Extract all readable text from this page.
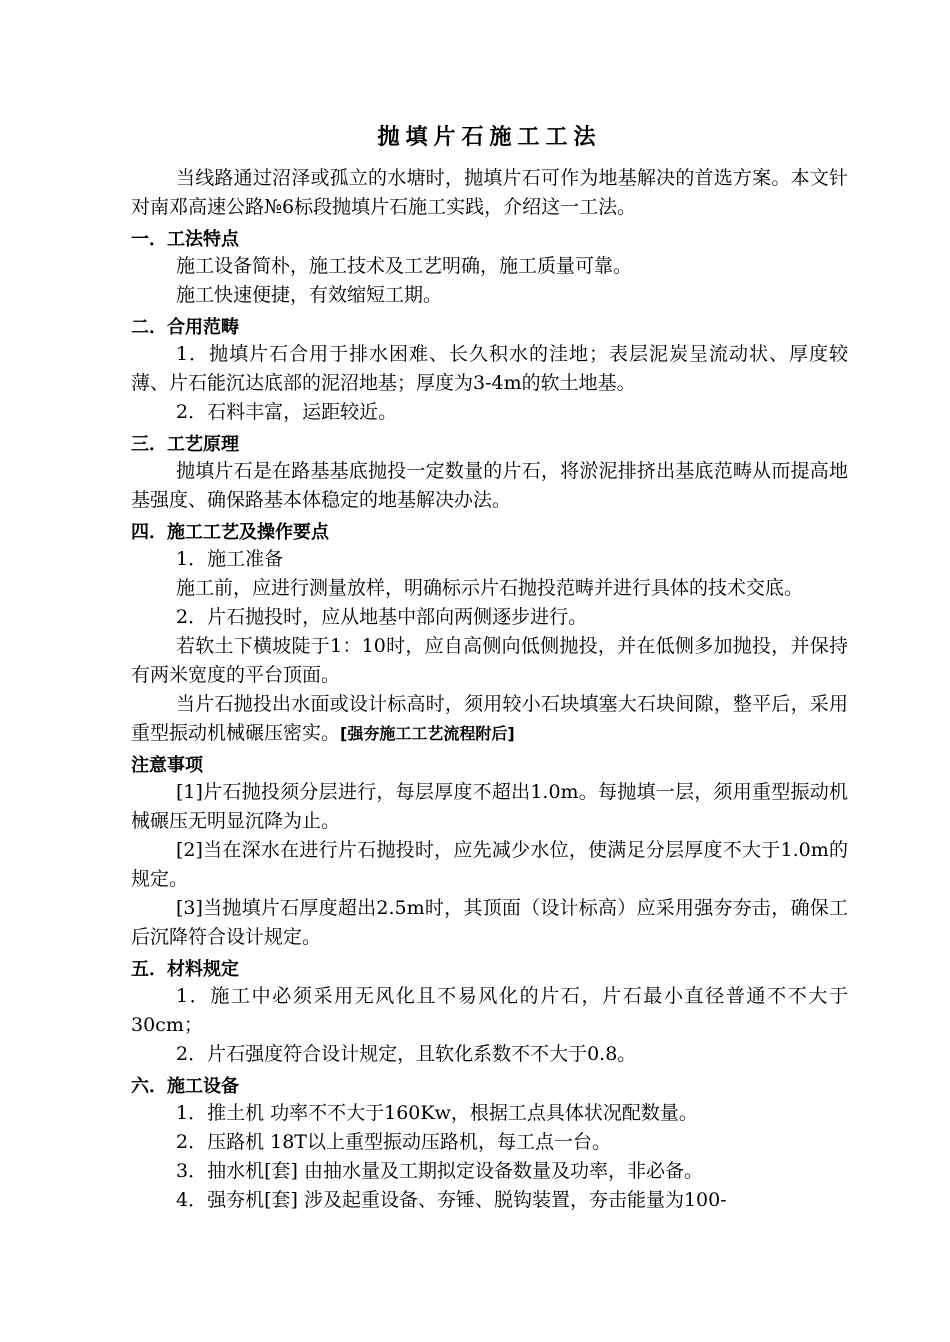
抛填片石施工工法

当线路通过沼泽或孤立的水塘时，抛填片石可作为地基解决的首选方案。本文针对南邓高速公路№6标段抛填片石施工实践，介绍这一工法。

一．工法特点

施工设备简朴，施工技术及工艺明确，施工质量可靠。

施工快速便捷，有效缩短工期。

二．合用范畴

1．抛填片石合用于排水困难、长久积水的洼地；表层泥炭呈流动状、厚度较薄、片石能沉达底部的泥沼地基；厚度为3-4m的软土地基。

2．石料丰富，运距较近。

三．工艺原理

抛填片石是在路基基底抛投一定数量的片石，将淤泥排挤出基底范畴从而提高地基强度、确保路基本体稳定的地基解决办法。

四．施工工艺及操作要点

1．施工准备

施工前，应进行测量放样，明确标示片石抛投范畴并进行具体的技术交底。

2．片石抛投时，应从地基中部向两侧逐步进行。

若软土下横坡陡于1：10时，应自高侧向低侧抛投，并在低侧多加抛投，并保持有两米宽度的平台顶面。

当片石抛投出水面或设计标高时，须用较小石块填塞大石块间隙，整平后，采用重型振动机械碾压密实。[强夯施工工艺流程附后]

注意事项

[1]片石抛投须分层进行，每层厚度不超出1.0m。每抛填一层，须用重型振动机械碾压无明显沉降为止。

[2]当在深水在进行片石抛投时，应先减少水位，使满足分层厚度不大于1.0m的规定。

[3]当抛填片石厚度超出2.5m时，其顶面（设计标高）应采用强夯夯击，确保工后沉降符合设计规定。

五．材料规定

1．施工中必须采用无风化且不易风化的片石，片石最小直径普通不不大于30cm；

2．片石强度符合设计规定，且软化系数不不大于0.8。

六．施工设备

1．推土机 功率不不大于160Kw，根据工点具体状况配数量。

2．压路机 18T以上重型振动压路机，每工点一台。

3．抽水机[套] 由抽水量及工期拟定设备数量及功率，非必备。

4．强夯机[套] 涉及起重设备、夯锤、脱钩装置，夯击能量为100-
